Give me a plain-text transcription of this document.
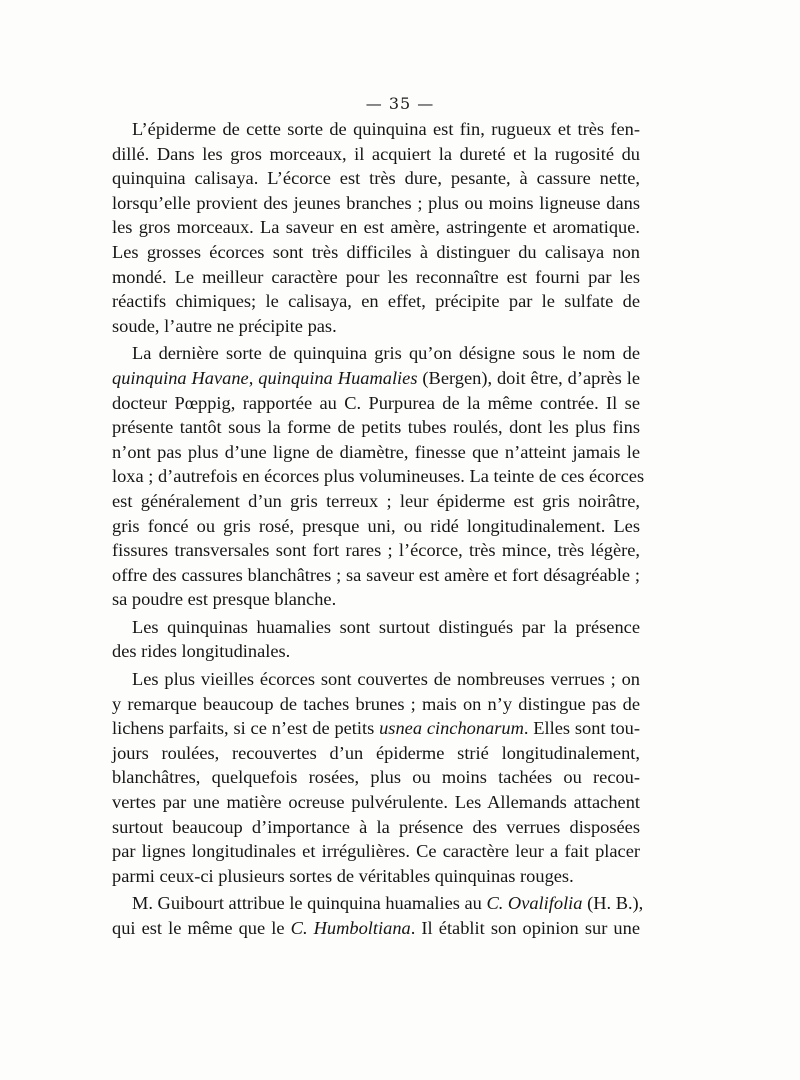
— 35 —
L’épiderme de cette sorte de quinquina est fin, rugueux et très fen-
dillé. Dans les gros morceaux, il acquiert la dureté et la rugosité du
quinquina calisaya. L’écorce est très dure, pesante, à cassure nette,
lorsqu’elle provient des jeunes branches ; plus ou moins ligneuse dans
les gros morceaux. La saveur en est amère, astringente et aromatique.
Les grosses écorces sont très difficiles à distinguer du calisaya non
mondé. Le meilleur caractère pour les reconnaître est fourni par les
réactifs chimiques; le calisaya, en effet, précipite par le sulfate de
soude, l’autre ne précipite pas.
La dernière sorte de quinquina gris qu’on désigne sous le nom de
quinquina Havane, quinquina Huamalies (Bergen), doit être, d’après le
docteur Pœppig, rapportée au C. Purpurea de la même contrée. Il se
présente tantôt sous la forme de petits tubes roulés, dont les plus fins
n’ont pas plus d’une ligne de diamètre, finesse que n’atteint jamais le
loxa ; d’autrefois en écorces plus volumineuses. La teinte de ces écorces
est généralement d’un gris terreux ; leur épiderme est gris noirâtre,
gris foncé ou gris rosé, presque uni, ou ridé longitudinalement. Les
fissures transversales sont fort rares ; l’écorce, très mince, très légère,
offre des cassures blanchâtres ; sa saveur est amère et fort désagréable ;
sa poudre est presque blanche.
Les quinquinas huamalies sont surtout distingués par la présence
des rides longitudinales.
Les plus vieilles écorces sont couvertes de nombreuses verrues ; on
y remarque beaucoup de taches brunes ; mais on n’y distingue pas de
lichens parfaits, si ce n’est de petits usnea cinchonarum. Elles sont tou-
jours roulées, recouvertes d’un épiderme strié longitudinalement,
blanchâtres, quelquefois rosées, plus ou moins tachées ou recou-
vertes par une matière ocreuse pulvérulente. Les Allemands attachent
surtout beaucoup d’importance à la présence des verrues disposées
par lignes longitudinales et irrégulières. Ce caractère leur a fait placer
parmi ceux-ci plusieurs sortes de véritables quinquinas rouges.
M. Guibourt attribue le quinquina huamalies au C. Ovalifolia (H. B.),
qui est le même que le C. Humboltiana. Il établit son opinion sur une
